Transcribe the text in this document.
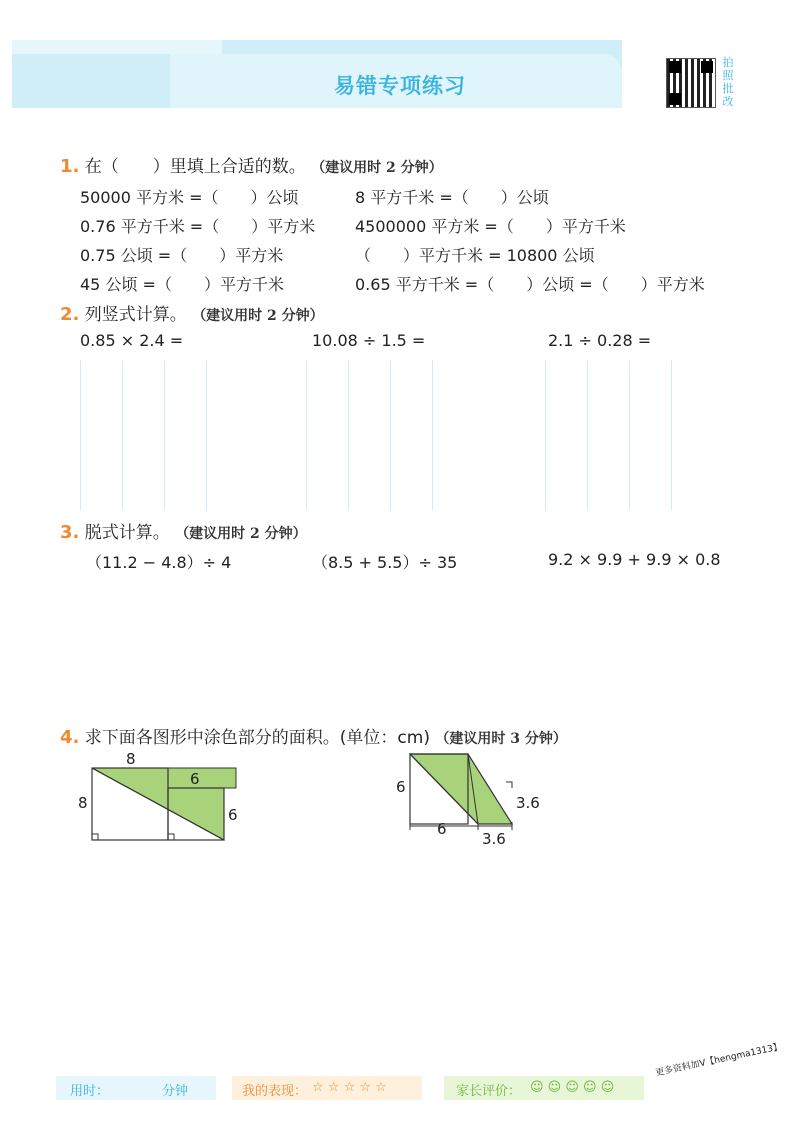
易错专项练习
拍照批改
1. 在（　　）里填上合适的数。 （建议用时 2 分钟）
50000 平方米 =（　　）公顷	8 平方千米 =（　　）公顷
0.76 平方千米 =（　　）平方米 4500000 平方米 =（　　）平方千米
0.75 公顷 =（　　）平方米	（　　）平方千米 = 10800 公顷
45 公顷 =（　　）平方千米	0.65 平方千米 =（　　）公顷 =（　　）平方米
2. 列竖式计算。 （建议用时 2 分钟）
0.85 × 2.4 =	10.08 ÷ 1.5 =	2.1 ÷ 0.28 =
3. 脱式计算。 （建议用时 2 分钟）
（11.2 − 4.8）÷ 4	（8.5 + 5.5）÷ 35	9.2 × 9.9 + 9.9 × 0.8
4. 求下面各图形中涂色部分的面积。(单位：cm) （建议用时 3 分钟）
8
8
6
6
6
6
3.6
3.6
用时：	分钟	我的表现： ☆ ☆ ☆ ☆ ☆	家长评价： ☺ ☺ ☺ ☺ ☺
更多资料加V【hengma1313】
